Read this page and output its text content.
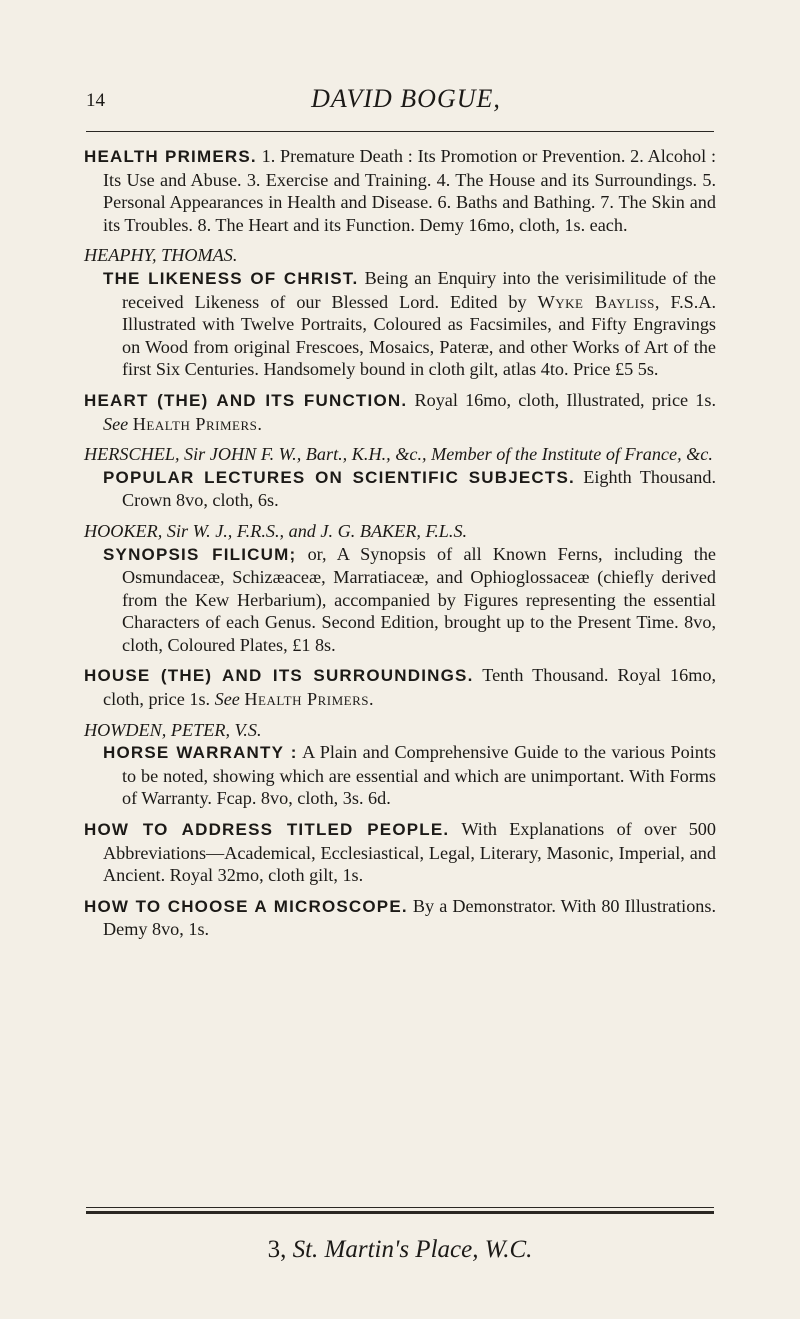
14	DAVID BOGUE,
HEALTH PRIMERS. 1. Premature Death : Its Promotion or Prevention. 2. Alcohol : Its Use and Abuse. 3. Exercise and Training. 4. The House and its Surroundings. 5. Personal Appearances in Health and Disease. 6. Baths and Bathing. 7. The Skin and its Troubles. 8. The Heart and its Function. Demy 16mo, cloth, 1s. each.
HEAPHY, THOMAS.
THE LIKENESS OF CHRIST. Being an Enquiry into the verisimilitude of the received Likeness of our Blessed Lord. Edited by Wyke Bayliss, F.S.A. Illustrated with Twelve Portraits, Coloured as Facsimiles, and Fifty Engravings on Wood from original Frescoes, Mosaics, Pateræ, and other Works of Art of the first Six Centuries. Handsomely bound in cloth gilt, atlas 4to. Price £5 5s.
HEART (THE) AND ITS FUNCTION. Royal 16mo, cloth, Illustrated, price 1s. See Health Primers.
HERSCHEL, Sir JOHN F. W., Bart., K.H., &c., Member of the Institute of France, &c.
POPULAR LECTURES ON SCIENTIFIC SUBJECTS. Eighth Thousand. Crown 8vo, cloth, 6s.
HOOKER, Sir W. J., F.R.S., and J. G. BAKER, F.L.S.
SYNOPSIS FILICUM; or, A Synopsis of all Known Ferns, including the Osmundaceæ, Schizæaceæ, Marratiaceæ, and Ophioglossaceæ (chiefly derived from the Kew Herbarium), accompanied by Figures representing the essential Characters of each Genus. Second Edition, brought up to the Present Time. 8vo, cloth, Coloured Plates, £1 8s.
HOUSE (THE) AND ITS SURROUNDINGS. Tenth Thousand. Royal 16mo, cloth, price 1s. See Health Primers.
HOWDEN, PETER, V.S.
HORSE WARRANTY : A Plain and Comprehensive Guide to the various Points to be noted, showing which are essential and which are unimportant. With Forms of Warranty. Fcap. 8vo, cloth, 3s. 6d.
HOW TO ADDRESS TITLED PEOPLE. With Explanations of over 500 Abbreviations—Academical, Ecclesiastical, Legal, Literary, Masonic, Imperial, and Ancient. Royal 32mo, cloth gilt, 1s.
HOW TO CHOOSE A MICROSCOPE. By a Demonstrator. With 80 Illustrations. Demy 8vo, 1s.
3, St. Martin's Place, W.C.
